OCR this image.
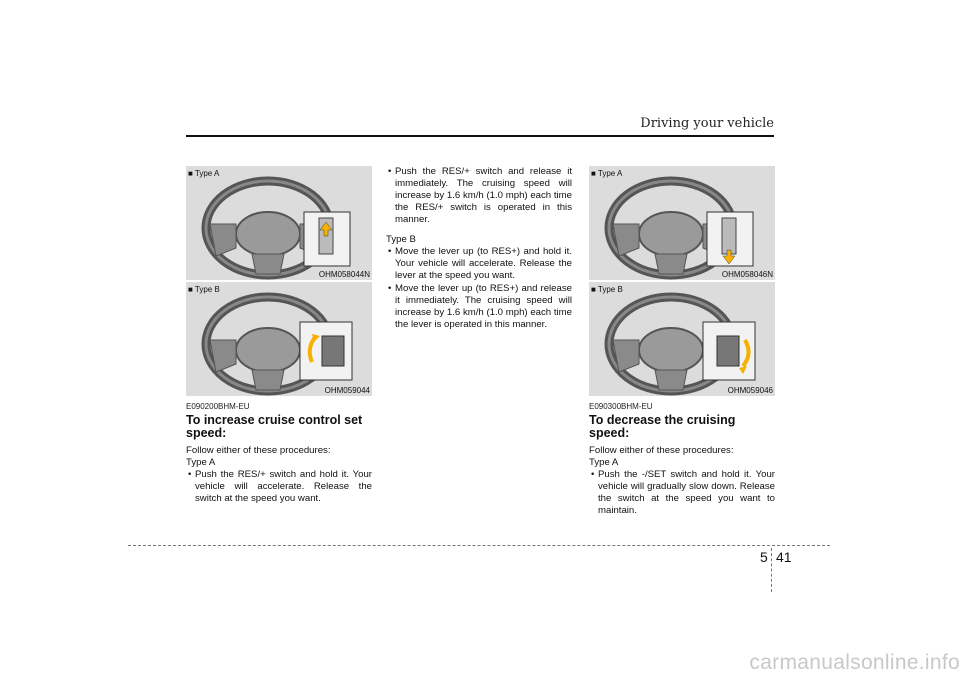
Driving your vehicle
■ Type A
OHM058044N
■ Type B
OHM059044
E090200BHM-EU
To increase cruise control set speed:

Follow either of these procedures:

Type A

• Push the RES/+ switch and hold it. Your vehicle will accelerate. Release the switch at the speed you want.
• Push the RES/+ switch and release it immediately. The cruising speed will increase by 1.6 km/h (1.0 mph) each time the RES/+ switch is operated in this manner.

Type B

• Move the lever up (to RES+) and hold it. Your vehicle will accelerate. Release the lever at the speed you want.
• Move the lever up (to RES+) and release it immediately. The cruising speed will increase by 1.6 km/h (1.0 mph) each time the lever is operated in this manner.
■ Type A
OHM058046N
■ Type B
OHM059046
E090300BHM-EU
To decrease the cruising speed:

Follow either of these procedures:

Type A

• Push the -/SET switch and hold it. Your vehicle will gradually slow down. Release the switch at the speed you want to maintain.
5 41
carmanualsonline.info
